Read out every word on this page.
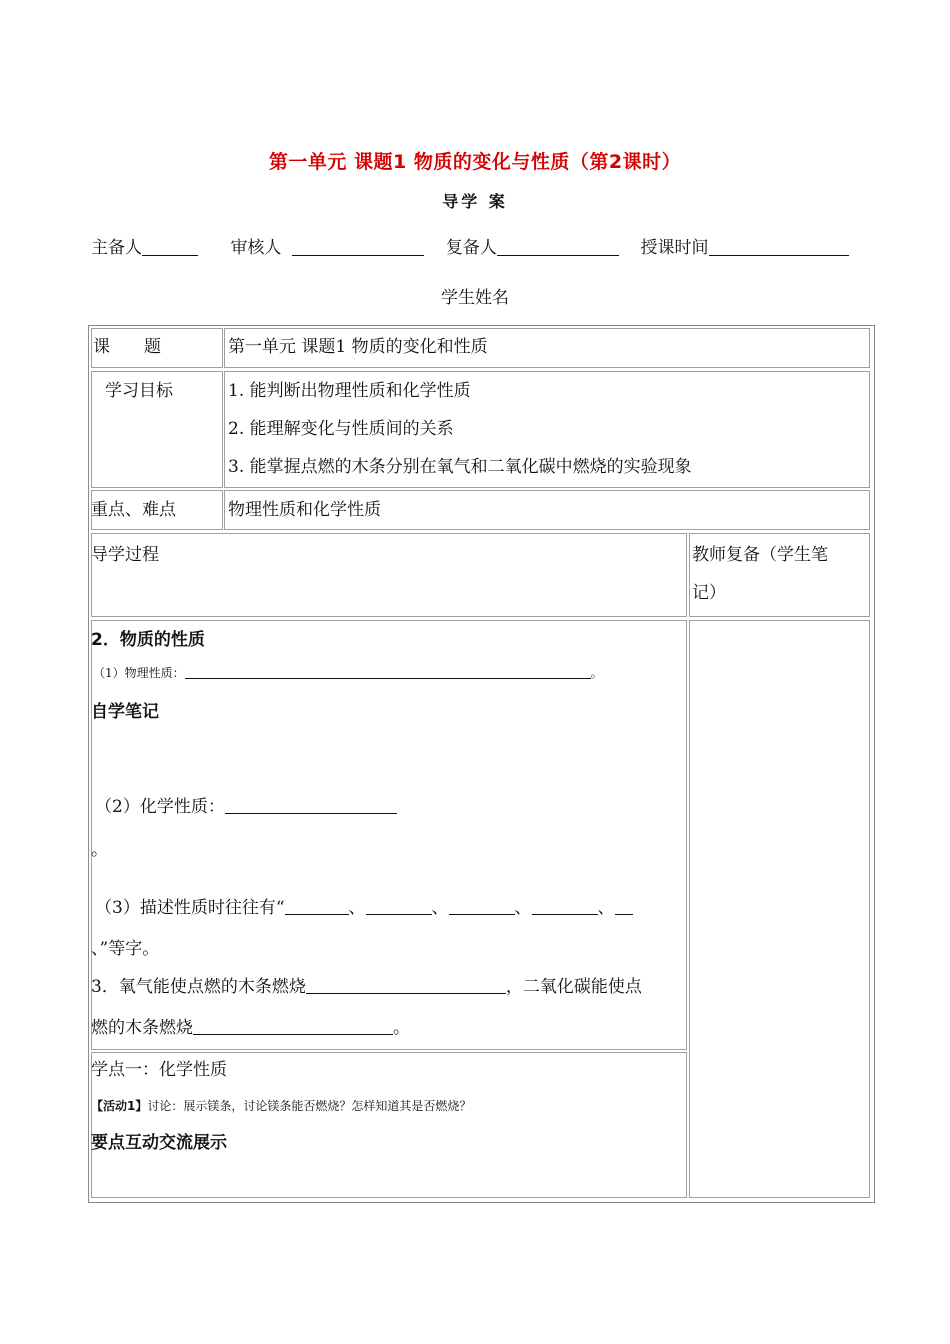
第一单元 课题1 物质的变化与性质（第2课时）
导学 案
主备人	审核人	复备人	授课时间
学生姓名
课　　题	第一单元 课题1 物质的变化和性质
学习目标	1. 能判断出物理性质和化学性质
2. 能理解变化与性质间的关系
3. 能掌握点燃的木条分别在氧气和二氧化碳中燃烧的实验现象
重点、难点	物理性质和化学性质
导学过程	教师复备（学生笔
记）
2．物质的性质
（1）物理性质：	。
自学笔记
（2）化学性质：
。
（3）描述性质时往往有“	、	、	、	、
、”等字。
3．氧气能使点燃的木条燃烧	，二氧化碳能使点
燃的木条燃烧	。
学点一：化学性质
【活动1】讨论：展示镁条，讨论镁条能否燃烧？怎样知道其是否燃烧？
要点互动交流展示
